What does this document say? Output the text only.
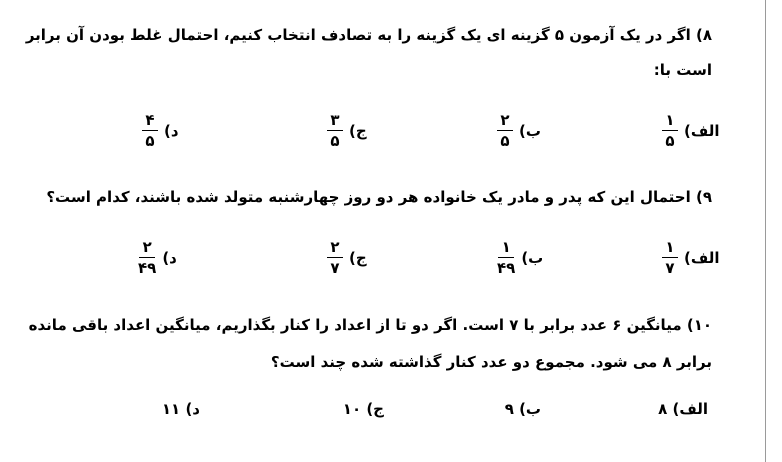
۸) اگر در یک آزمون ۵ گزینه ای یک گزینه را به تصادف انتخاب کنیم، احتمال غلط بودن آن برابر
است با:
$\frac{۱}{۵}$ الف)
$\frac{۲}{۵}$ ب)
$\frac{۳}{۵}$ ج)
$\frac{۴}{۵}$ د)
۹) احتمال این که پدر و مادر یک خانواده هر دو روز چهارشنبه متولد شده باشند، کدام است؟
$\frac{۱}{۷}$ الف)
$\frac{۱}{۴۹}$ ب)
$\frac{۲}{۷}$ ج)
$\frac{۲}{۴۹}$ د)
۱۰) میانگین ۶ عدد برابر با ۷ است. اگر دو تا از اعداد را کنار بگذاریم، میانگین اعداد باقی مانده
برابر ۸ می شود. مجموع دو عدد کنار گذاشته شده چند است؟
الف) ۸
ب) ۹
ج) ۱۰
د) ۱۱
